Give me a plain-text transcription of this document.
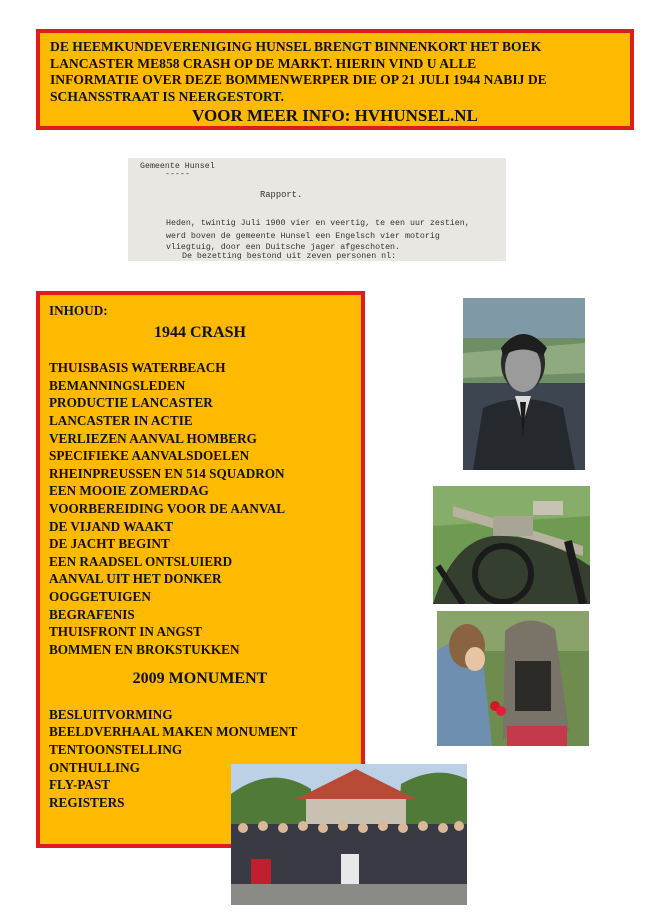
DE HEEMKUNDEVERENIGING HUNSEL BRENGT BINNENKORT HET BOEK
LANCASTER ME858 CRASH OP DE MARKT. HIERIN VIND U ALLE
INFORMATIE OVER DEZE BOMMENWERPER DIE OP 21 JULI 1944 NABIJ DE
SCHANSSTRAAT IS NEERGESTORT.
VOOR MEER INFO: HVHUNSEL.NL
Gemeente Hunsel
-----
Rapport.
Heden, twintig Juli 1900 vier en veertig, te een uur zestien,
werd boven de gemeente Hunsel een Engelsch vier motorig
vliegtuig, door een Duitsche jager afgeschoten.
De bezetting bestond uit zeven personen nl:
INHOUD:
1944 CRASH
THUISBASIS WATERBEACH
BEMANNINGSLEDEN
PRODUCTIE LANCASTER
LANCASTER IN ACTIE
VERLIEZEN AANVAL HOMBERG
SPECIFIEKE AANVALSDOELEN
RHEINPREUSSEN EN 514 SQUADRON
EEN MOOIE ZOMERDAG
VOORBEREIDING VOOR DE AANVAL
DE VIJAND WAAKT
DE JACHT BEGINT
EEN RAADSEL ONTSLUIERD
AANVAL UIT HET DONKER
OOGGETUIGEN
BEGRAFENIS
THUISFRONT IN ANGST
BOMMEN EN BROKSTUKKEN
2009 MONUMENT
BESLUITVORMING
BEELDVERHAAL MAKEN MONUMENT
TENTOONSTELLING
ONTHULLING
FLY-PAST
REGISTERS
